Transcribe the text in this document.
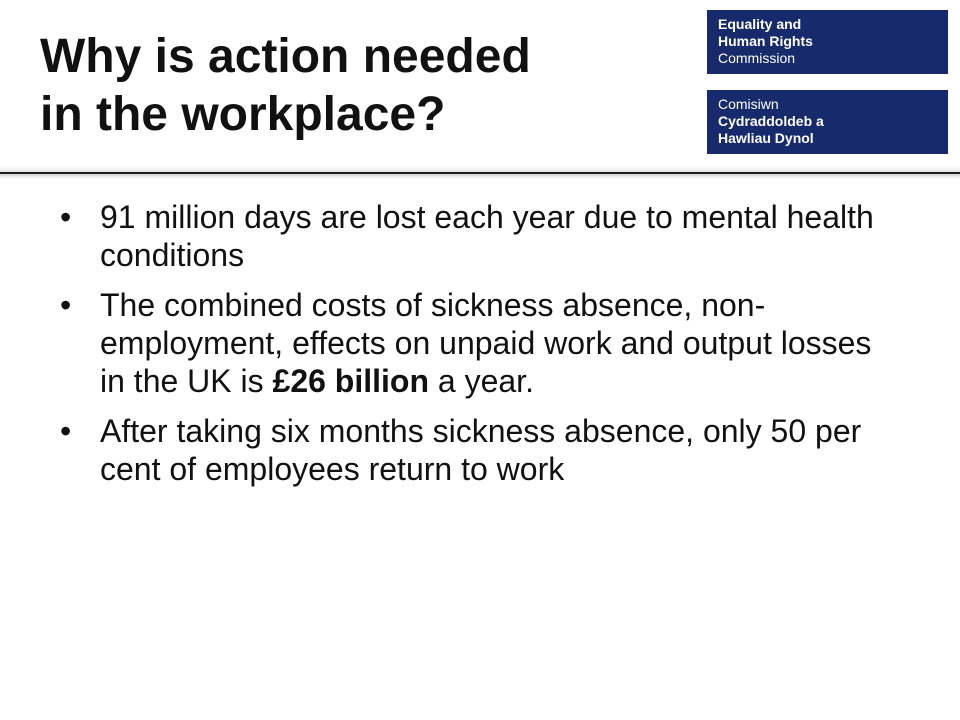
Why is action needed
in the workplace?
Equality and
Human Rights
Commission
Comisiwn
Cydraddoldeb a
Hawliau Dynol
• 91 million days are lost each year due to mental health conditions
• The combined costs of sickness absence, non-employment, effects on unpaid work and output losses in the UK is £26 billion a year.
• After taking six months sickness absence, only 50 per cent of employees return to work
